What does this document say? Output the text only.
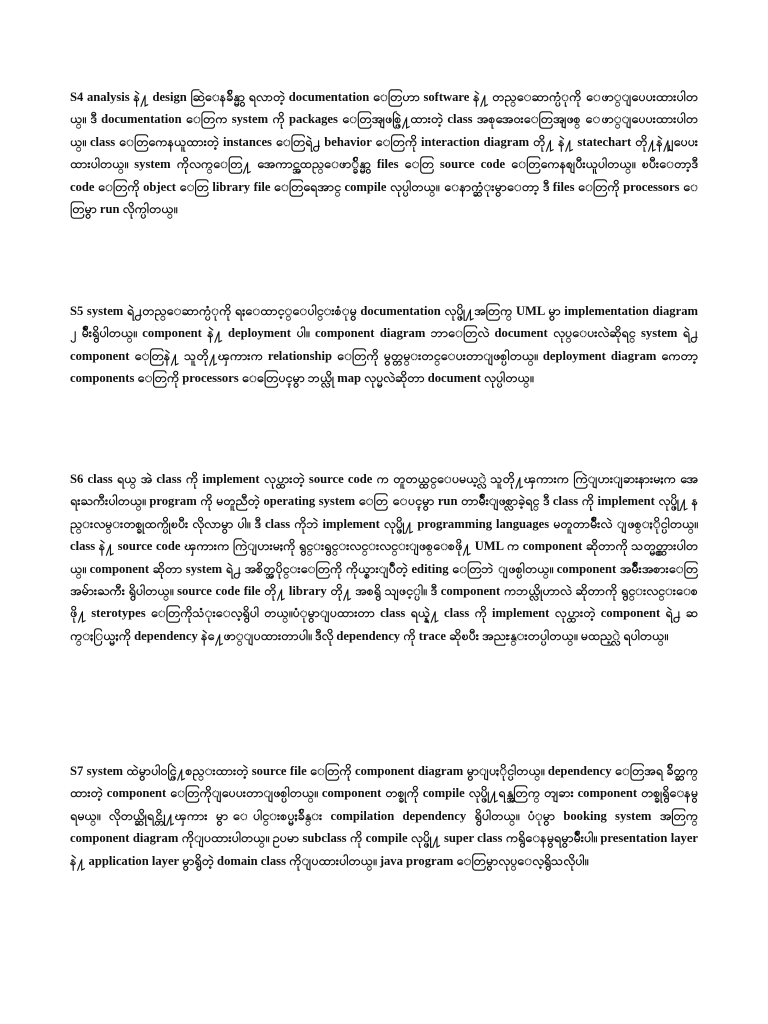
S4 analysis နဲ႔ design ဆြဲေနခ်ိန္မွာ ရလာတဲ့ documentation ေတြဟာ software နဲ႔ တည္ေဆာက္ပံုကို ေဖာ္ျပေပးထားပါတယ္။ ဒီ documentation ေတြက system ကို packages ေတြအျဖစ္ဖြဲ႔ထားတဲ့ class အစုအေဝးေတြအျဖစ္ ေဖာ္ျပေပးထားပါတယ္။ class ေတြကေနယူထားတဲ့ instances ေတြရဲ႕ behavior ေတြကို interaction diagram တို႔ နဲ႔ statechart တို႔နဲ႔ျပေပးထားပါတယ္။ system ကိုလက္ေတြ႔ အေကာင္အထည္ေဖာ္ခ်ိန္မွာ files ေတြ source code ေတြကေနစျပီးယူပါတယ္။ ၿပီးေတာ့ဒီ code ေတြကို object ေတြ library file ေတြရေအာင္ compile လုပ္ပါတယ္။ ေနာက္ဆံုးမွာေတာ့ ဒီ files ေတြကို processors ေတြမွာ run လိုက္ပါတယ္။

S5 system ရဲ႕တည္ေဆာက္ပံုကို ရႈေထာင့္ေပါင္းစံုမွ documentation လုပ္ဖို႔အတြက္ UML မွာ implementation diagram ၂ မ်ိဳးရွိပါတယ္။ component နဲ႔ deployment ပါ။ component diagram ဘာေတြလဲ document လုပ္ေပးလဲဆိုရင္ system ရဲ႕ component ေတြနဲ႔ သူတို႔ၾကားက relationship ေတြကို မွတ္တမ္းတင္ေပးတာျဖစ္ပါတယ္။ deployment diagram ကေတာ့ components ေတြကို processors ေတြေပၚမွာ ဘယ္လို map လုပ္မလဲဆိုတာ document လုပ္ပါတယ္။

S6 class ရယ္ အဲ class ကို implement လုပ္ထားတဲ့ source code က တူတယ္ထင္ေပမယ့္လဲ သူတို႔ၾကားက ကြဲျပားျခားနားမႈက အေရးႀကီးပါတယ္။ program ကို မတူညီတဲ့ operating system ေတြ ေပၚမွာ run တာမ်ိဳးျဖစ္လာခဲ့ရင္ ဒီ class ကို implement လုပ္ဖို႔ နည္းလမ္းတစ္ခုထက္ပိုၿပီး လိုလာမွာ ပါ။ ဒီ class ကိုဘဲ implement လုပ္ဖို႔ programming languages မတူတာမ်ိဳးလဲ ျဖစ္ႏိုင္ပါတယ္။ class နဲ႔ source code ၾကားက ကြဲျပားမႈကို ရွင္းရွင္းလင္းလင္းျဖစ္ေစဖို႔ UML က component ဆိုတာကို သတ္မွတ္ထားပါတယ္။ component ဆိုတာ system ရဲ႕ အစိတ္အပိုင္းေတြကို ကိုယ္စားျပဳတဲ့ editing ေတြဘဲ ျဖစ္ပါတယ္။ component အမ်ိဳးအစားေတြအမ်ားႀကီး ရွိပါတယ္။ source code file တို႔ library တို႔ အစရွိ သျဖင့္ပါ။ ဒီ component ကဘယ္လိုဟာလဲ ဆိုတာကို ရွင္းလင္းေစဖို႔ sterotypes ေတြကိုသံုးေလ့ရွိပါ တယ္။ပံုမွာျပထားတာ class ရယ္နဲ႔ class ကို implement လုပ္ထားတဲ့ component ရဲ႕ ဆက္ႏြယ္မႈကို dependency နဲ႔ေဖာ္ျပထားတာပါ။ ဒီလို dependency ကို trace ဆိုၿပီး အညႊန္းတပ္ပါတယ္။ မထည့္လဲ ရပါတယ္။

S7 system ထဲမွာပါဝင္ဖြဲ႔စည္းထားတဲ့ source file ေတြကို component diagram မွာျပႏိုင္ပါတယ္။ dependency ေတြအရ ခ်ိတ္ဆက္ထားတဲ့ component ေတြကိုျပေပးတာျဖစ္ပါတယ္။ component တစ္ခုကို compile လုပ္ဖို႔ရန္အတြက္ တျခား component တစ္ခုရွိေနမွရမယ္။ လိုတယ္ဆိုရင္တို႔ၾကား မွာ ေပါင္းစပ္မႈခ်ိန္း compilation dependency ရွိပါတယ္။ ပံုမွာ booking system အတြက္ component diagram ကိုျပထားပါတယ္။ ဥပမာ subclass ကို compile လုပ္ဖို႔ super class ကရွိေနမွရမွာမ်ိဳးပါ။ presentation layer နဲ႔ application layer မွာရွိတဲ့ domain class ကိုျပထားပါတယ္။ java program ေတြမွာလုပ္ေလ့ရွိသလိုပါ။
